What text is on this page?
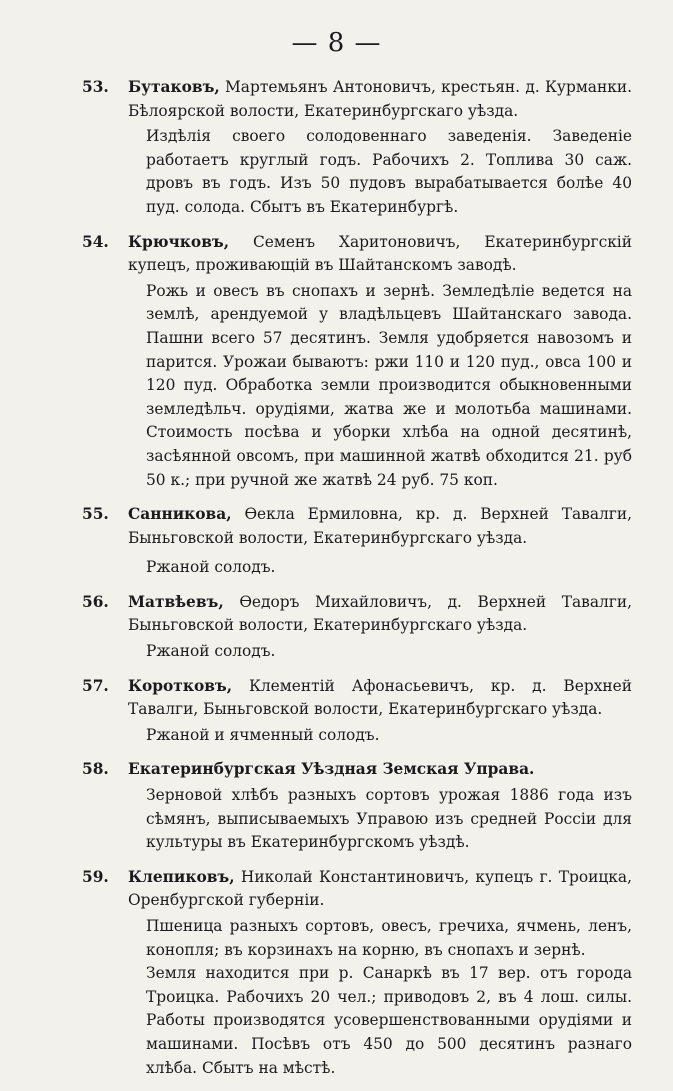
— 8 —
53. Бутаковъ, Мартемьянъ Антоновичъ, крестьян. д. Курманки. Бѣлоярской волости, Екатеринбургскаго уѣзда.

Издѣлія своего солодовеннаго заведенія. Заведеніе работаетъ круглый годъ. Рабочихъ 2. Топлива 30 саж. дровъ въ годъ. Изъ 50 пудовъ вырабатывается болѣе 40 пуд. солода. Сбытъ въ Екатеринбургѣ.

54. Крючковъ, Семенъ Харитоновичъ, Екатеринбургскій купецъ, проживающій въ Шайтанскомъ заводѣ.

Рожь и овесъ въ снопахъ и зернѣ. Земледѣліе ведется на землѣ, арендуемой у владѣльцевъ Шайтанскаго завода. Пашни всего 57 десятинъ. Земля удобряется навозомъ и парится. Урожаи бываютъ: ржи 110 и 120 пуд., овса 100 и 120 пуд. Обработка земли производится обыкновенными земледѣльч. орудіями, жатва же и молотьба машинами. Стоимость посѣва и уборки хлѣба на одной десятинѣ, засѣянной овсомъ, при машинной жатвѣ обходится 21. руб 50 к.; при ручной же жатвѣ 24 руб. 75 коп.

55. Санникова, Ѳекла Ермиловна, кр. д. Верхней Тавалги, Быньговской волости, Екатеринбургскаго уѣзда.

Ржаной солодъ.

56. Матвѣевъ, Ѳедоръ Михайловичъ, д. Верхней Тавалги, Быньговской волости, Екатеринбургскаго уѣзда.

Ржаной солодъ.

57. Коротковъ, Клементій Афонасьевичъ, кр. д. Верхней Тавалги, Быньговской волости, Екатеринбургскаго уѣзда.

Ржаной и ячменный солодъ.

58. Екатеринбургская Уѣздная Земская Управа.

Зерновой хлѣбъ разныхъ сортовъ урожая 1886 года изъ сѣмянъ, выписываемыхъ Управою изъ средней Россіи для культуры въ Екатеринбургскомъ уѣздѣ.

59. Клепиковъ, Николай Константиновичъ, купецъ г. Троицка, Оренбургской губерніи.

Пшеница разныхъ сортовъ, овесъ, гречиха, ячмень, ленъ, конопля; въ корзинахъ на корню, въ снопахъ и зернѣ.

Земля находится при р. Санаркѣ въ 17 вер. отъ города Троицка. Рабочихъ 20 чел.; приводовъ 2, въ 4 лош. силы. Работы производятся усовершенствованными орудіями и машинами. Посѣвъ отъ 450 до 500 десятинъ разнаго хлѣба. Сбытъ на мѣстѣ.
